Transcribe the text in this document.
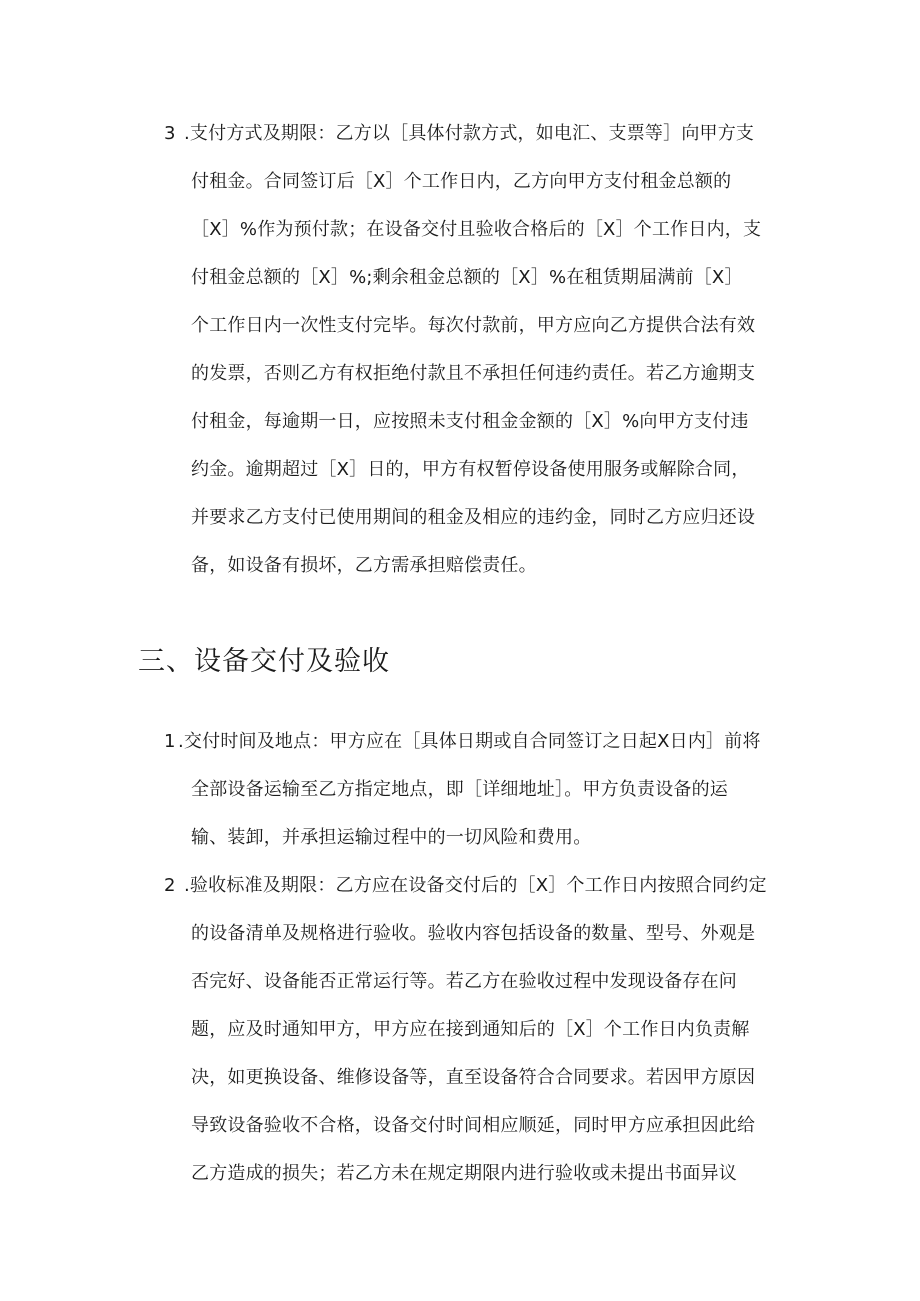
3 .支付方式及期限：乙方以［具体付款方式，如电汇、支票等］向甲方支
付租金。合同签订后［X］个工作日内，乙方向甲方支付租金总额的
［X］%作为预付款；在设备交付且验收合格后的［X］个工作日内，支
付租金总额的［X］%;剩余租金总额的［X］%在租赁期届满前［X］
个工作日内一次性支付完毕。每次付款前，甲方应向乙方提供合法有效
的发票，否则乙方有权拒绝付款且不承担任何违约责任。若乙方逾期支
付租金，每逾期一日，应按照未支付租金金额的［X］%向甲方支付违
约金。逾期超过［X］日的，甲方有权暂停设备使用服务或解除合同，
并要求乙方支付已使用期间的租金及相应的违约金，同时乙方应归还设
备，如设备有损坏，乙方需承担赔偿责任。
三、设备交付及验收
1 .交付时间及地点：甲方应在［具体日期或自合同签订之日起X日内］前将
全部设备运输至乙方指定地点，即［详细地址］。甲方负责设备的运
输、装卸，并承担运输过程中的一切风险和费用。
2 .验收标准及期限：乙方应在设备交付后的［X］个工作日内按照合同约定
的设备清单及规格进行验收。验收内容包括设备的数量、型号、外观是
否完好、设备能否正常运行等。若乙方在验收过程中发现设备存在问
题，应及时通知甲方，甲方应在接到通知后的［X］个工作日内负责解
决，如更换设备、维修设备等，直至设备符合合同要求。若因甲方原因
导致设备验收不合格，设备交付时间相应顺延，同时甲方应承担因此给
乙方造成的损失；若乙方未在规定期限内进行验收或未提出书面异议
